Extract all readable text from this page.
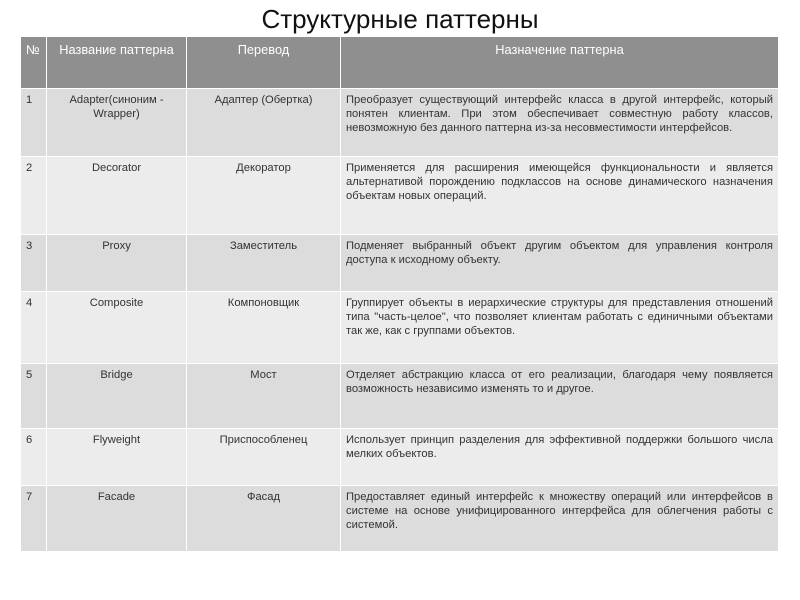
Структурные паттерны
№	Название паттерна	Перевод	Назначение паттерна
1	Adapter(синоним - Wrapper)	Адаптер (Обертка)	Преобразует существующий интерфейс класса в другой интерфейс, который понятен клиентам. При этом обеспечивает совместную работу классов, невозможную без данного паттерна из-за несовместимости интерфейсов.
2	Decorator	Декоратор	Применяется для расширения имеющейся функциональности и является альтернативой порождению подклассов на основе динамического назначения объектам новых операций.
3	Proxy	Заместитель	Подменяет выбранный объект другим объектом для управления контроля доступа к исходному объекту.
4	Composite	Компоновщик	Группирует объекты в иерархические структуры для представления отношений типа "часть-целое", что позволяет клиентам работать с единичными объектами так же, как с группами объектов.
5	Bridge	Мост	Отделяет абстракцию класса от его реализации, благодаря чему появляется возможность независимо изменять то и другое.
6	Flyweight	Приспособленец	Использует принцип разделения для эффективной поддержки большого числа мелких объектов.
7	Facade	Фасад	Предоставляет единый интерфейс к множеству операций или интерфейсов в системе на основе унифицированного интерфейса для облегчения работы с системой.
